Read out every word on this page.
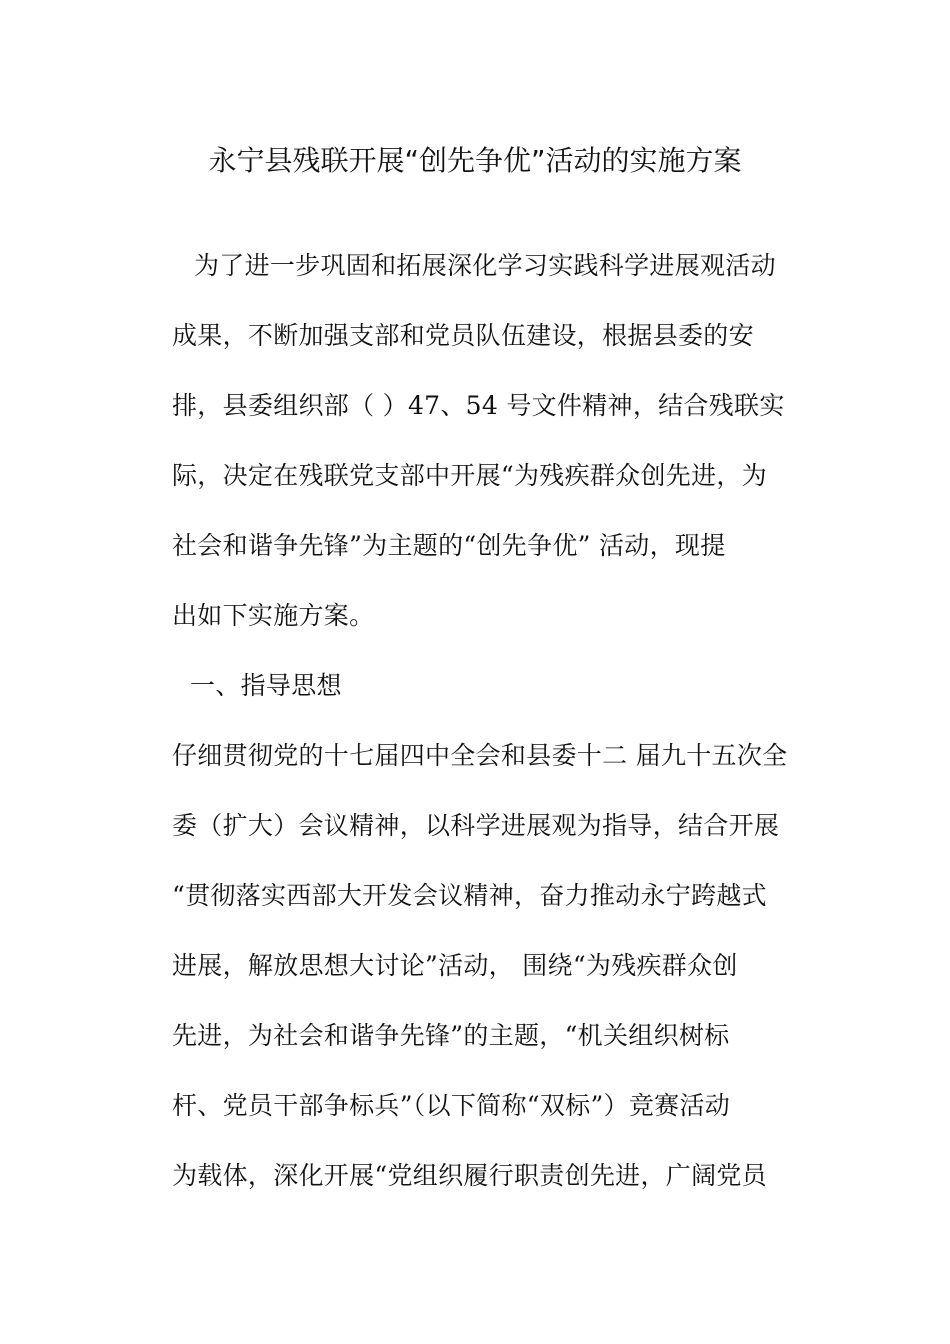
永宁县残联开展“创先争优”活动的实施方案
为了进一步巩固和拓展深化学习实践科学进展观活动
成果，不断加强支部和党员队伍建设，根据县委的安
排，县委组织部（ ）47、54 号文件精神，结合残联实
际，决定在残联党支部中开展“为残疾群众创先进，为
社会和谐争先锋”为主题的“创先争优” 活动，现提
出如下实施方案。
一、指导思想
仔细贯彻党的十七届四中全会和县委十二 届九十五次全
委（扩大）会议精神，以科学进展观为指导，结合开展
“贯彻落实西部大开发会议精神，奋力推动永宁跨越式
进展，解放思想大讨论”活动， 围绕“为残疾群众创
先进，为社会和谐争先锋”的主题，“机关组织树标
杆、党员干部争标兵”（以下简称“双标”）竞赛活动
为载体，深化开展“党组织履行职责创先进，广阔党员
